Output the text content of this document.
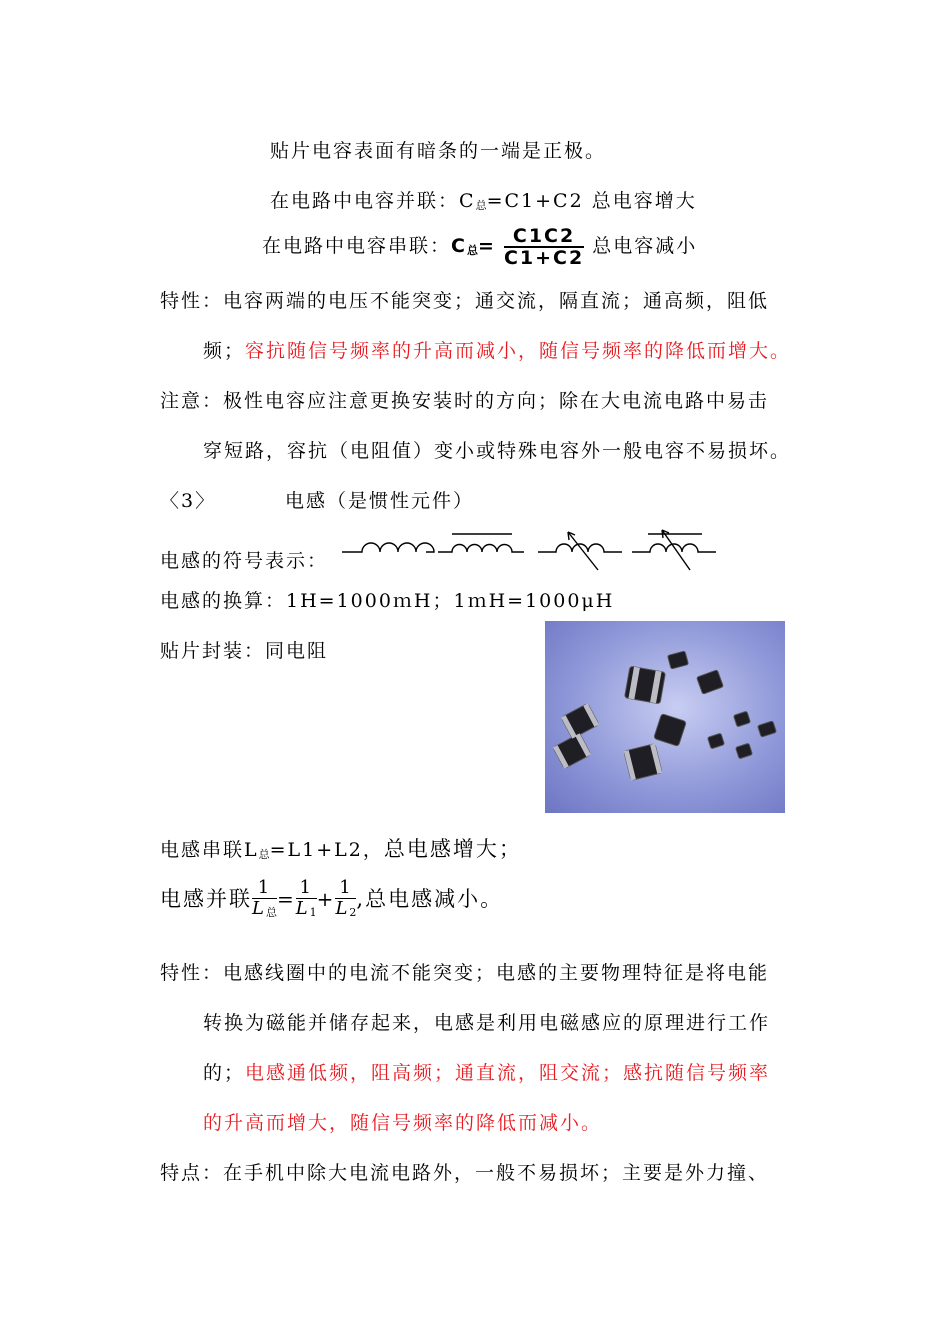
贴片电容表面有暗条的一端是正极。
在电路中电容并联：C总=C1+C2 总电容增大
在电路中电容串联：C总= $\frac{C1C2}{C1+C2}$ 总电容减小
特性：电容两端的电压不能突变；通交流，隔直流；通高频，阻低
频；容抗随信号频率的升高而减小，随信号频率的降低而增大。
注意：极性电容应注意更换安装时的方向；除在大电流电路中易击
穿短路，容抗（电阻值）变小或特殊电容外一般电容不易损坏。
〈3〉	电感（是惯性元件）
电感的符号表示：
电感的换算：1H=1000ｍH；1ｍH=1000μH
贴片封装：同电阻
电感串联L总=L1+L2，总电感增大；
电感并联 $\frac{1}{\text{L总}} = \frac{1}{L1} + \frac{1}{L2}$ ,总电感减小。
特性：电感线圈中的电流不能突变；电感的主要物理特征是将电能
转换为磁能并储存起来，电感是利用电磁感应的原理进行工作
的；电感通低频，阻高频；通直流，阻交流；感抗随信号频率
的升高而增大，随信号频率的降低而减小。
特点：在手机中除大电流电路外，一般不易损坏；主要是外力撞、
